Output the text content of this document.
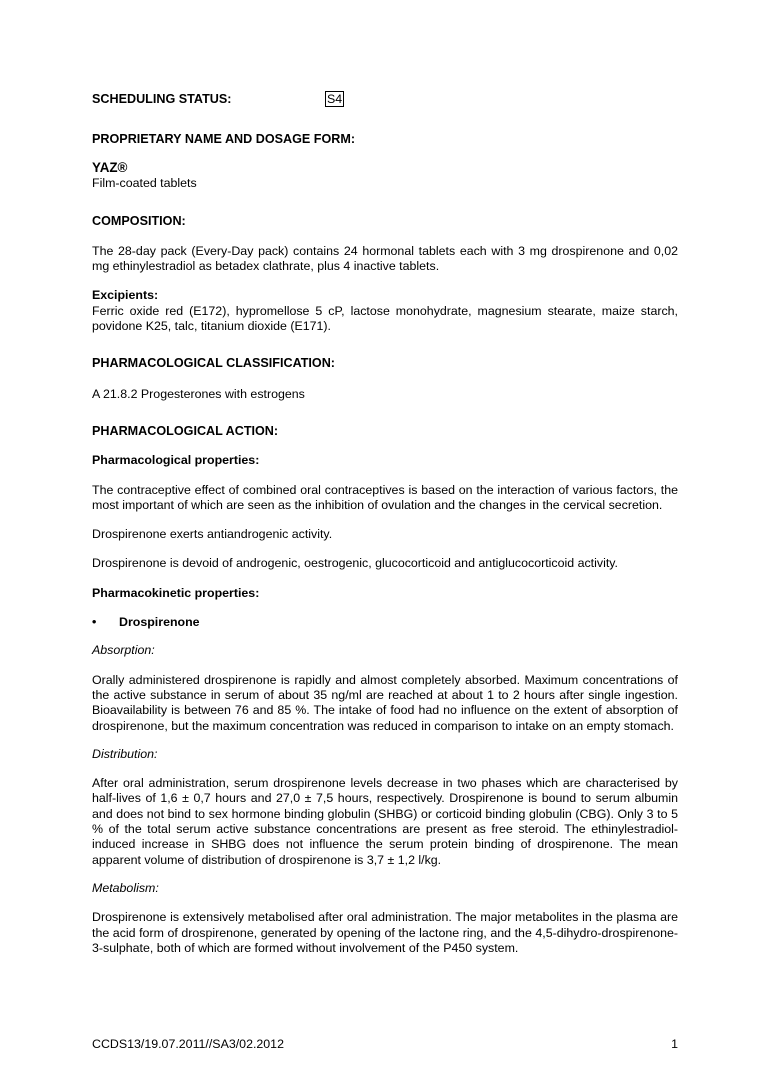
SCHEDULING STATUS:	S4

PROPRIETARY NAME AND DOSAGE FORM:

YAZ®

Film-coated tablets

COMPOSITION:

The 28-day pack (Every-Day pack) contains 24 hormonal tablets each with 3 mg drospirenone and 0,02 mg ethinylestradiol as betadex clathrate, plus 4 inactive tablets.

Excipients:

Ferric oxide red (E172), hypromellose 5 cP, lactose monohydrate, magnesium stearate, maize starch, povidone K25, talc, titanium dioxide (E171).

PHARMACOLOGICAL CLASSIFICATION:

A 21.8.2 Progesterones with estrogens

PHARMACOLOGICAL ACTION:

Pharmacological properties:

The contraceptive effect of combined oral contraceptives is based on the interaction of various factors, the most important of which are seen as the inhibition of ovulation and the changes in the cervical secretion.

Drospirenone exerts antiandrogenic activity.

Drospirenone is devoid of androgenic, oestrogenic, glucocorticoid and antiglucocorticoid activity.

Pharmacokinetic properties:

• Drospirenone

Absorption:

Orally administered drospirenone is rapidly and almost completely absorbed. Maximum concentrations of the active substance in serum of about 35 ng/ml are reached at about 1 to 2 hours after single ingestion. Bioavailability is between 76 and 85 %. The intake of food had no influence on the extent of absorption of drospirenone, but the maximum concentration was reduced in comparison to intake on an empty stomach.

Distribution:

After oral administration, serum drospirenone levels decrease in two phases which are characterised by half-lives of 1,6 ± 0,7 hours and 27,0 ± 7,5 hours, respectively. Drospirenone is bound to serum albumin and does not bind to sex hormone binding globulin (SHBG) or corticoid binding globulin (CBG). Only 3 to 5 % of the total serum active substance concentrations are present as free steroid. The ethinylestradiol-induced increase in SHBG does not influence the serum protein binding of drospirenone. The mean apparent volume of distribution of drospirenone is 3,7 ± 1,2 l/kg.

Metabolism:

Drospirenone is extensively metabolised after oral administration. The major metabolites in the plasma are the acid form of drospirenone, generated by opening of the lactone ring, and the 4,5-dihydro-drospirenone-3-sulphate, both of which are formed without involvement of the P450 system.

CCDS13/19.07.2011//SA3/02.2012	1
